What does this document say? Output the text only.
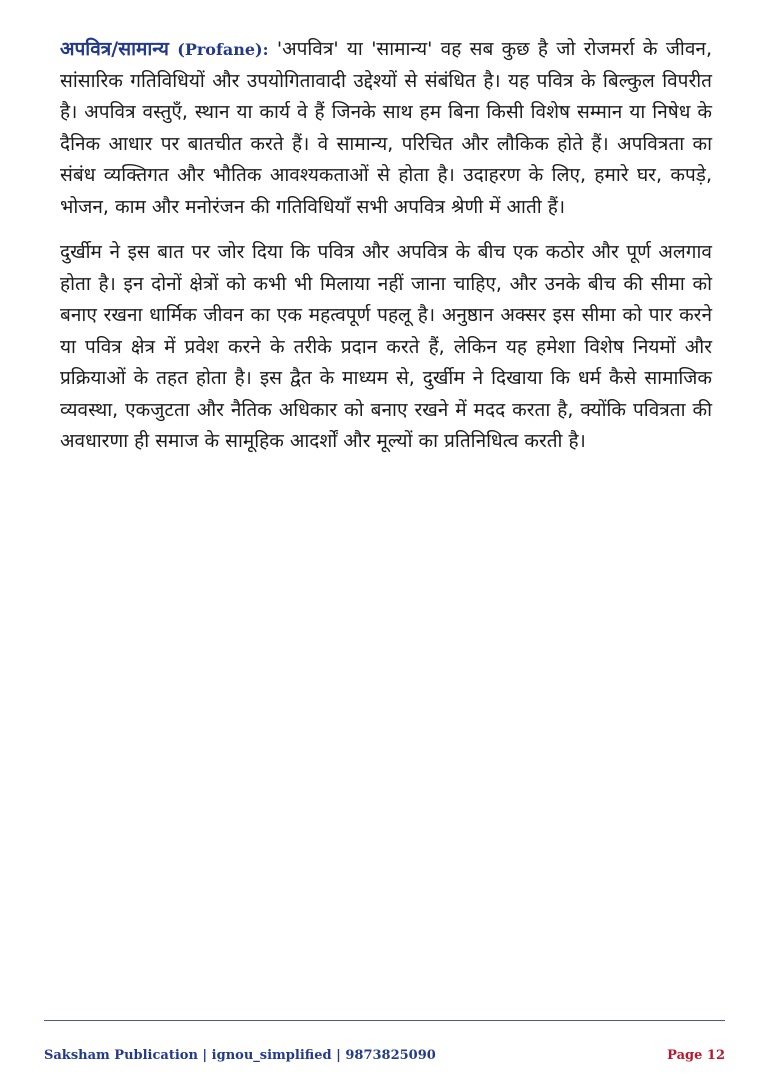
अपवित्र/सामान्य (Profane): 'अपवित्र' या 'सामान्य' वह सब कुछ है जो रोजमर्रा के जीवन, सांसारिक गतिविधियों और उपयोगितावादी उद्देश्यों से संबंधित है। यह पवित्र के बिल्कुल विपरीत है। अपवित्र वस्तुएँ, स्थान या कार्य वे हैं जिनके साथ हम बिना किसी विशेष सम्मान या निषेध के दैनिक आधार पर बातचीत करते हैं। वे सामान्य, परिचित और लौकिक होते हैं। अपवित्रता का संबंध व्यक्तिगत और भौतिक आवश्यकताओं से होता है। उदाहरण के लिए, हमारे घर, कपड़े, भोजन, काम और मनोरंजन की गतिविधियाँ सभी अपवित्र श्रेणी में आती हैं।

दुर्खीम ने इस बात पर जोर दिया कि पवित्र और अपवित्र के बीच एक कठोर और पूर्ण अलगाव होता है। इन दोनों क्षेत्रों को कभी भी मिलाया नहीं जाना चाहिए, और उनके बीच की सीमा को बनाए रखना धार्मिक जीवन का एक महत्वपूर्ण पहलू है। अनुष्ठान अक्सर इस सीमा को पार करने या पवित्र क्षेत्र में प्रवेश करने के तरीके प्रदान करते हैं, लेकिन यह हमेशा विशेष नियमों और प्रक्रियाओं के तहत होता है। इस द्वैत के माध्यम से, दुर्खीम ने दिखाया कि धर्म कैसे सामाजिक व्यवस्था, एकजुटता और नैतिक अधिकार को बनाए रखने में मदद करता है, क्योंकि पवित्रता की अवधारणा ही समाज के सामूहिक आदर्शों और मूल्यों का प्रतिनिधित्व करती है।

Saksham Publication | ignou_simplified | 9873825090	Page 12
